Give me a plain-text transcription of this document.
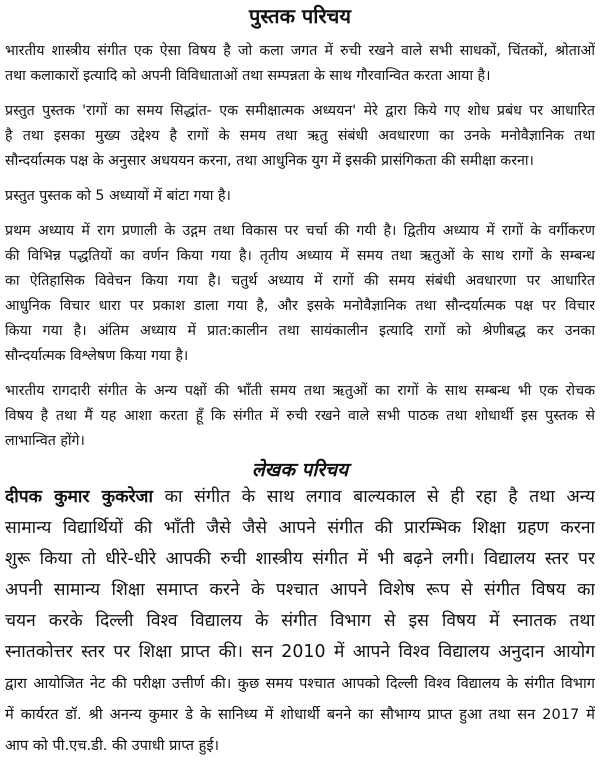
पुस्तक परिचय
भारतीय शास्त्रीय संगीत एक ऐसा विषय है जो कला जगत में रुची रखने वाले सभी साधकों, चिंतकों, श्रोताओं
तथा कलाकारों इत्यादि को अपनी विविधाताओं तथा सम्पन्नता के साथ गौरवान्वित करता आया है।
प्रस्तुत पुस्तक 'रागों का समय सिद्धांत- एक समीक्षात्मक अध्ययन' मेरे द्वारा किये गए शोध प्रबंध पर आधारित
है तथा इसका मुख्य उद्देश्य है रागों के समय तथा ऋतु संबंधी अवधारणा का उनके मनोवैज्ञानिक तथा
सौन्दर्यात्मक पक्ष के अनुसार अधययन करना, तथा आधुनिक युग में इसकी प्रासंगिकता की समीक्षा करना।
प्रस्तुत पुस्तक को 5 अध्यायों में बांटा गया है।
प्रथम अध्याय में राग प्रणाली के उद्गम तथा विकास पर चर्चा की गयी है। द्वितीय अध्याय में रागों के वर्गीकरण
की विभिन्न पद्धतियों का वर्णन किया गया है। तृतीय अध्याय में समय तथा ऋतुओं के साथ रागों के सम्बन्ध
का ऐतिहासिक विवेचन किया गया है। चतुर्थ अध्याय में रागों की समय संबंधी अवधारणा पर आधारित
आधुनिक विचार धारा पर प्रकाश डाला गया है, और इसके मनोवैज्ञानिक तथा सौन्दर्यात्मक पक्ष पर विचार
किया गया है। अंतिम अध्याय में प्रात:कालीन तथा सायंकालीन इत्यादि रागों को श्रेणीबद्ध कर उनका
सौन्दर्यात्मक विश्लेषण किया गया है।
भारतीय रागदारी संगीत के अन्य पक्षों की भाँती समय तथा ऋतुओं का रागों के साथ सम्बन्ध भी एक रोचक
विषय है तथा मैं यह आशा करता हूँ कि संगीत में रुची रखने वाले सभी पाठक तथा शोधार्थी इस पुस्तक से
लाभान्वित होंगे।
लेखक परिचय
दीपक कुमार कुकरेजा का संगीत के साथ लगाव बाल्यकाल से ही रहा है तथा अन्य
सामान्य विद्यार्थियों की भाँती जैसे जैसे आपने संगीत की प्रारम्भिक शिक्षा ग्रहण करना
शुरू किया तो धीरे-धीरे आपकी रुची शास्त्रीय संगीत में भी बढ़ने लगी। विद्यालय स्तर पर
अपनी सामान्य शिक्षा समाप्त करने के पश्चात आपने विशेष रूप से संगीत विषय का
चयन करके दिल्ली विश्व विद्यालय के संगीत विभाग से इस विषय में स्नातक तथा
स्नातकोत्तर स्तर पर शिक्षा प्राप्त की। सन 2010 में आपने विश्व विद्यालय अनुदान आयोग
द्वारा आयोजित नेट की परीक्षा उत्तीर्ण की। कुछ समय पश्चात आपको दिल्ली विश्व विद्यालय के संगीत विभाग
में कार्यरत डॉ. श्री अनन्य कुमार डे के सानिध्य में शोधार्थी बनने का सौभाग्य प्राप्त हुआ तथा सन 2017 में
आप को पी.एच.डी. की उपाधी प्राप्त हुई।
